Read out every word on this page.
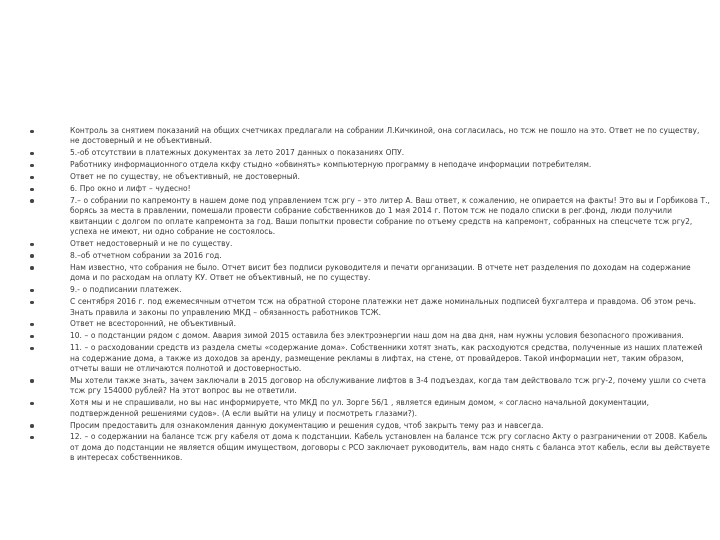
Контроль за снятием показаний на общих счетчиках предлагали на собрании Л.Кичкиной, она согласилась, но тсж не пошло на это. Ответ не по существу, не достоверный и не объективный.
5.-об отсутствии в платежных документах за лето 2017 данных о показаниях ОПУ.
Работнику информационного отдела ккфу стыдно «обвинять» компьютерную программу в неподаче информации потребителям.
Ответ не по существу, не объективный, не достоверный.
6. Про окно и лифт – чудесно!
7.– о собрании по капремонту в нашем доме под управлением тсж ргу – это литер А. Ваш ответ, к сожалению, не опирается на факты! Это вы и Горбикова Т., борясь за места в правлении, помешали провести собрание собственников до 1 мая 2014 г. Потом тсж не подало списки в рег.фонд, люди получили квитанции с долгом по оплате капремонта за год. Ваши попытки провести собрание по отъему средств на капремонт, собранных на спецсчете тсж ргу2, успеха не имеют, ни одно собрание не состоялось.
Ответ недостоверный и не по существу.
8.–об отчетном собрании за 2016 год.
Нам известно, что собрания не было. Отчет висит без подписи руководителя и печати организации. В отчете нет разделения по доходам на содержание дома и по расходам на оплату КУ. Ответ не объективный, не по существу.
9.- о подписании платежек.
С сентября 2016 г. под ежемесячным отчетом тсж на обратной стороне платежки нет даже номинальных подписей бухгалтера и правдома. Об этом речь. Знать правила и законы по управлению МКД – обязанность работников ТСЖ.
Ответ не всесторонний, не объективный.
10. – о подстанции рядом с домом. Авария зимой 2015 оставила без электроэнергии наш дом на два дня, нам нужны условия безопасного проживания.
11. – о расходовании средств из раздела сметы «содержание дома». Собственники хотят знать, как расходуются средства, полученные из наших платежей на содержание дома, а также из доходов за аренду, размещение рекламы в лифтах, на стене, от провайдеров. Такой информации нет, таким образом, отчеты ваши не отличаются полнотой и достоверностью.
Мы хотели также знать, зачем заключали в 2015 договор на обслуживание лифтов в 3-4 подъездах, когда там действовало тсж ргу-2, почему ушли со счета тсж ргу 154000 рублей? На этот вопрос вы не ответили.
Хотя мы и не спрашивали, но вы нас информируете, что МКД по ул. Зорге 56/1 , является единым домом, « согласно начальной документации, подтвержденной решениями судов». (А если выйти на улицу и посмотреть глазами?).
Просим предоставить для ознакомления данную документацию и решения судов, чтоб закрыть тему раз и навсегда.
12. – о содержании на балансе тсж ргу кабеля от дома к подстанции. Кабель установлен на балансе тсж ргу согласно Акту о разграничении от 2008. Кабель от дома до подстанции не является общим имуществом, договоры с РСО заключает руководитель, вам надо снять с баланса этот кабель, если вы действуете в интересах собственников.
